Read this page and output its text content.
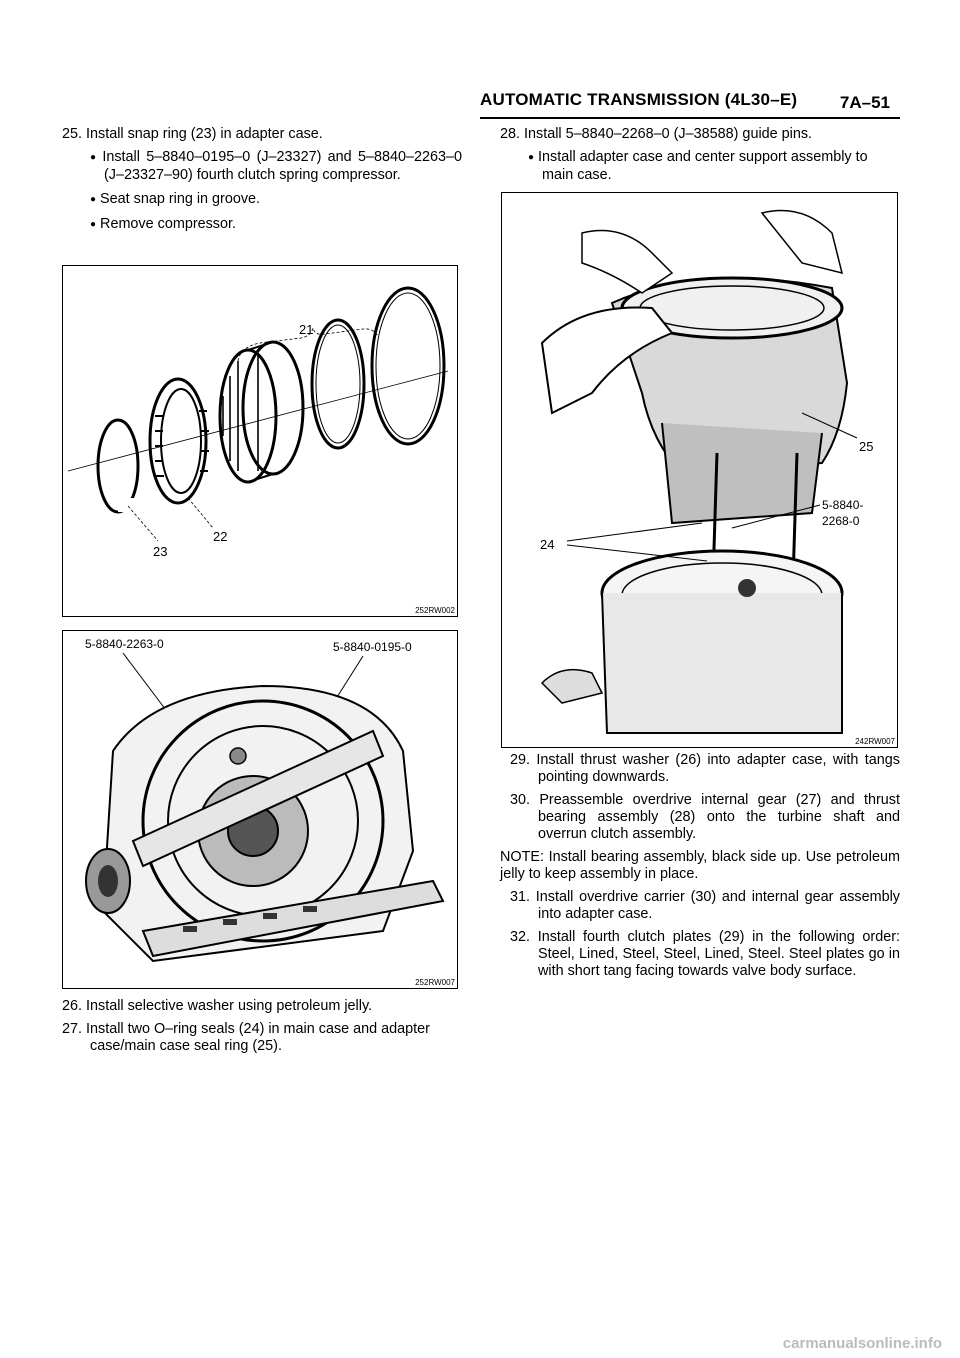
AUTOMATIC TRANSMISSION (4L30–E)	7A–51

25. Install snap ring (23) in adapter case.

● Install 5–8840–0195–0 (J–23327) and 5–8840–2263–0 (J–23327–90) fourth clutch spring compressor.

● Seat snap ring in groove.

● Remove compressor.

21
22
23
252RW002
5-8840-2263-0	5-8840-0195-0
252RW007

26. Install selective washer using petroleum jelly.

27. Install two O–ring seals (24) in main case and adapter case/main case seal ring (25).

28. Install 5–8840–2268–0 (J–38588) guide pins.

● Install adapter case and center support assembly to main case.

25
5-8840-
2268-0
24
242RW007

29. Install thrust washer (26) into adapter case, with tangs pointing downwards.

30. Preassemble overdrive internal gear (27) and thrust bearing assembly (28) onto the turbine shaft and overrun clutch assembly.

NOTE: Install bearing assembly, black side up. Use petroleum jelly to keep assembly in place.

31. Install overdrive carrier (30) and internal gear assembly into adapter case.

32. Install fourth clutch plates (29) in the following order: Steel, Lined, Steel, Steel, Lined, Steel. Steel plates go in with short tang facing towards valve body surface.

carmanualsonline.info
